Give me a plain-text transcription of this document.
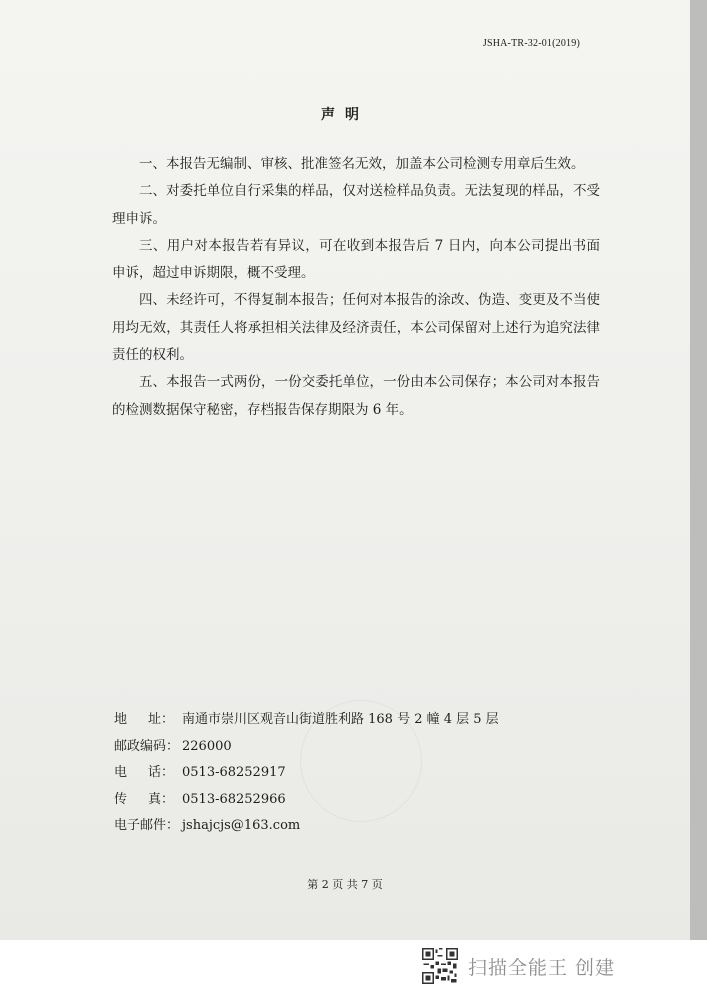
JSHA-TR-32-01(2019)
声明

一、本报告无编制、审核、批准签名无效，加盖本公司检测专用章后生效。

二、对委托单位自行采集的样品，仅对送检样品负责。无法复现的样品，不受理申诉。

三、用户对本报告若有异议，可在收到本报告后 7 日内，向本公司提出书面申诉，超过申诉期限，概不受理。

四、未经许可，不得复制本报告；任何对本报告的涂改、伪造、变更及不当使用均无效，其责任人将承担相关法律及经济责任，本公司保留对上述行为追究法律责任的权利。

五、本报告一式两份，一份交委托单位，一份由本公司保存；本公司对本报告的检测数据保守秘密，存档报告保存期限为 6 年。

地 址： 南通市崇川区观音山街道胜利路 168 号 2 幢 4 层 5 层
邮政编码： 226000
电 话： 0513-68252917
传 真： 0513-68252966
电子邮件： jshajcjs@163.com
第 2 页 共 7 页
扫描全能王 创建
